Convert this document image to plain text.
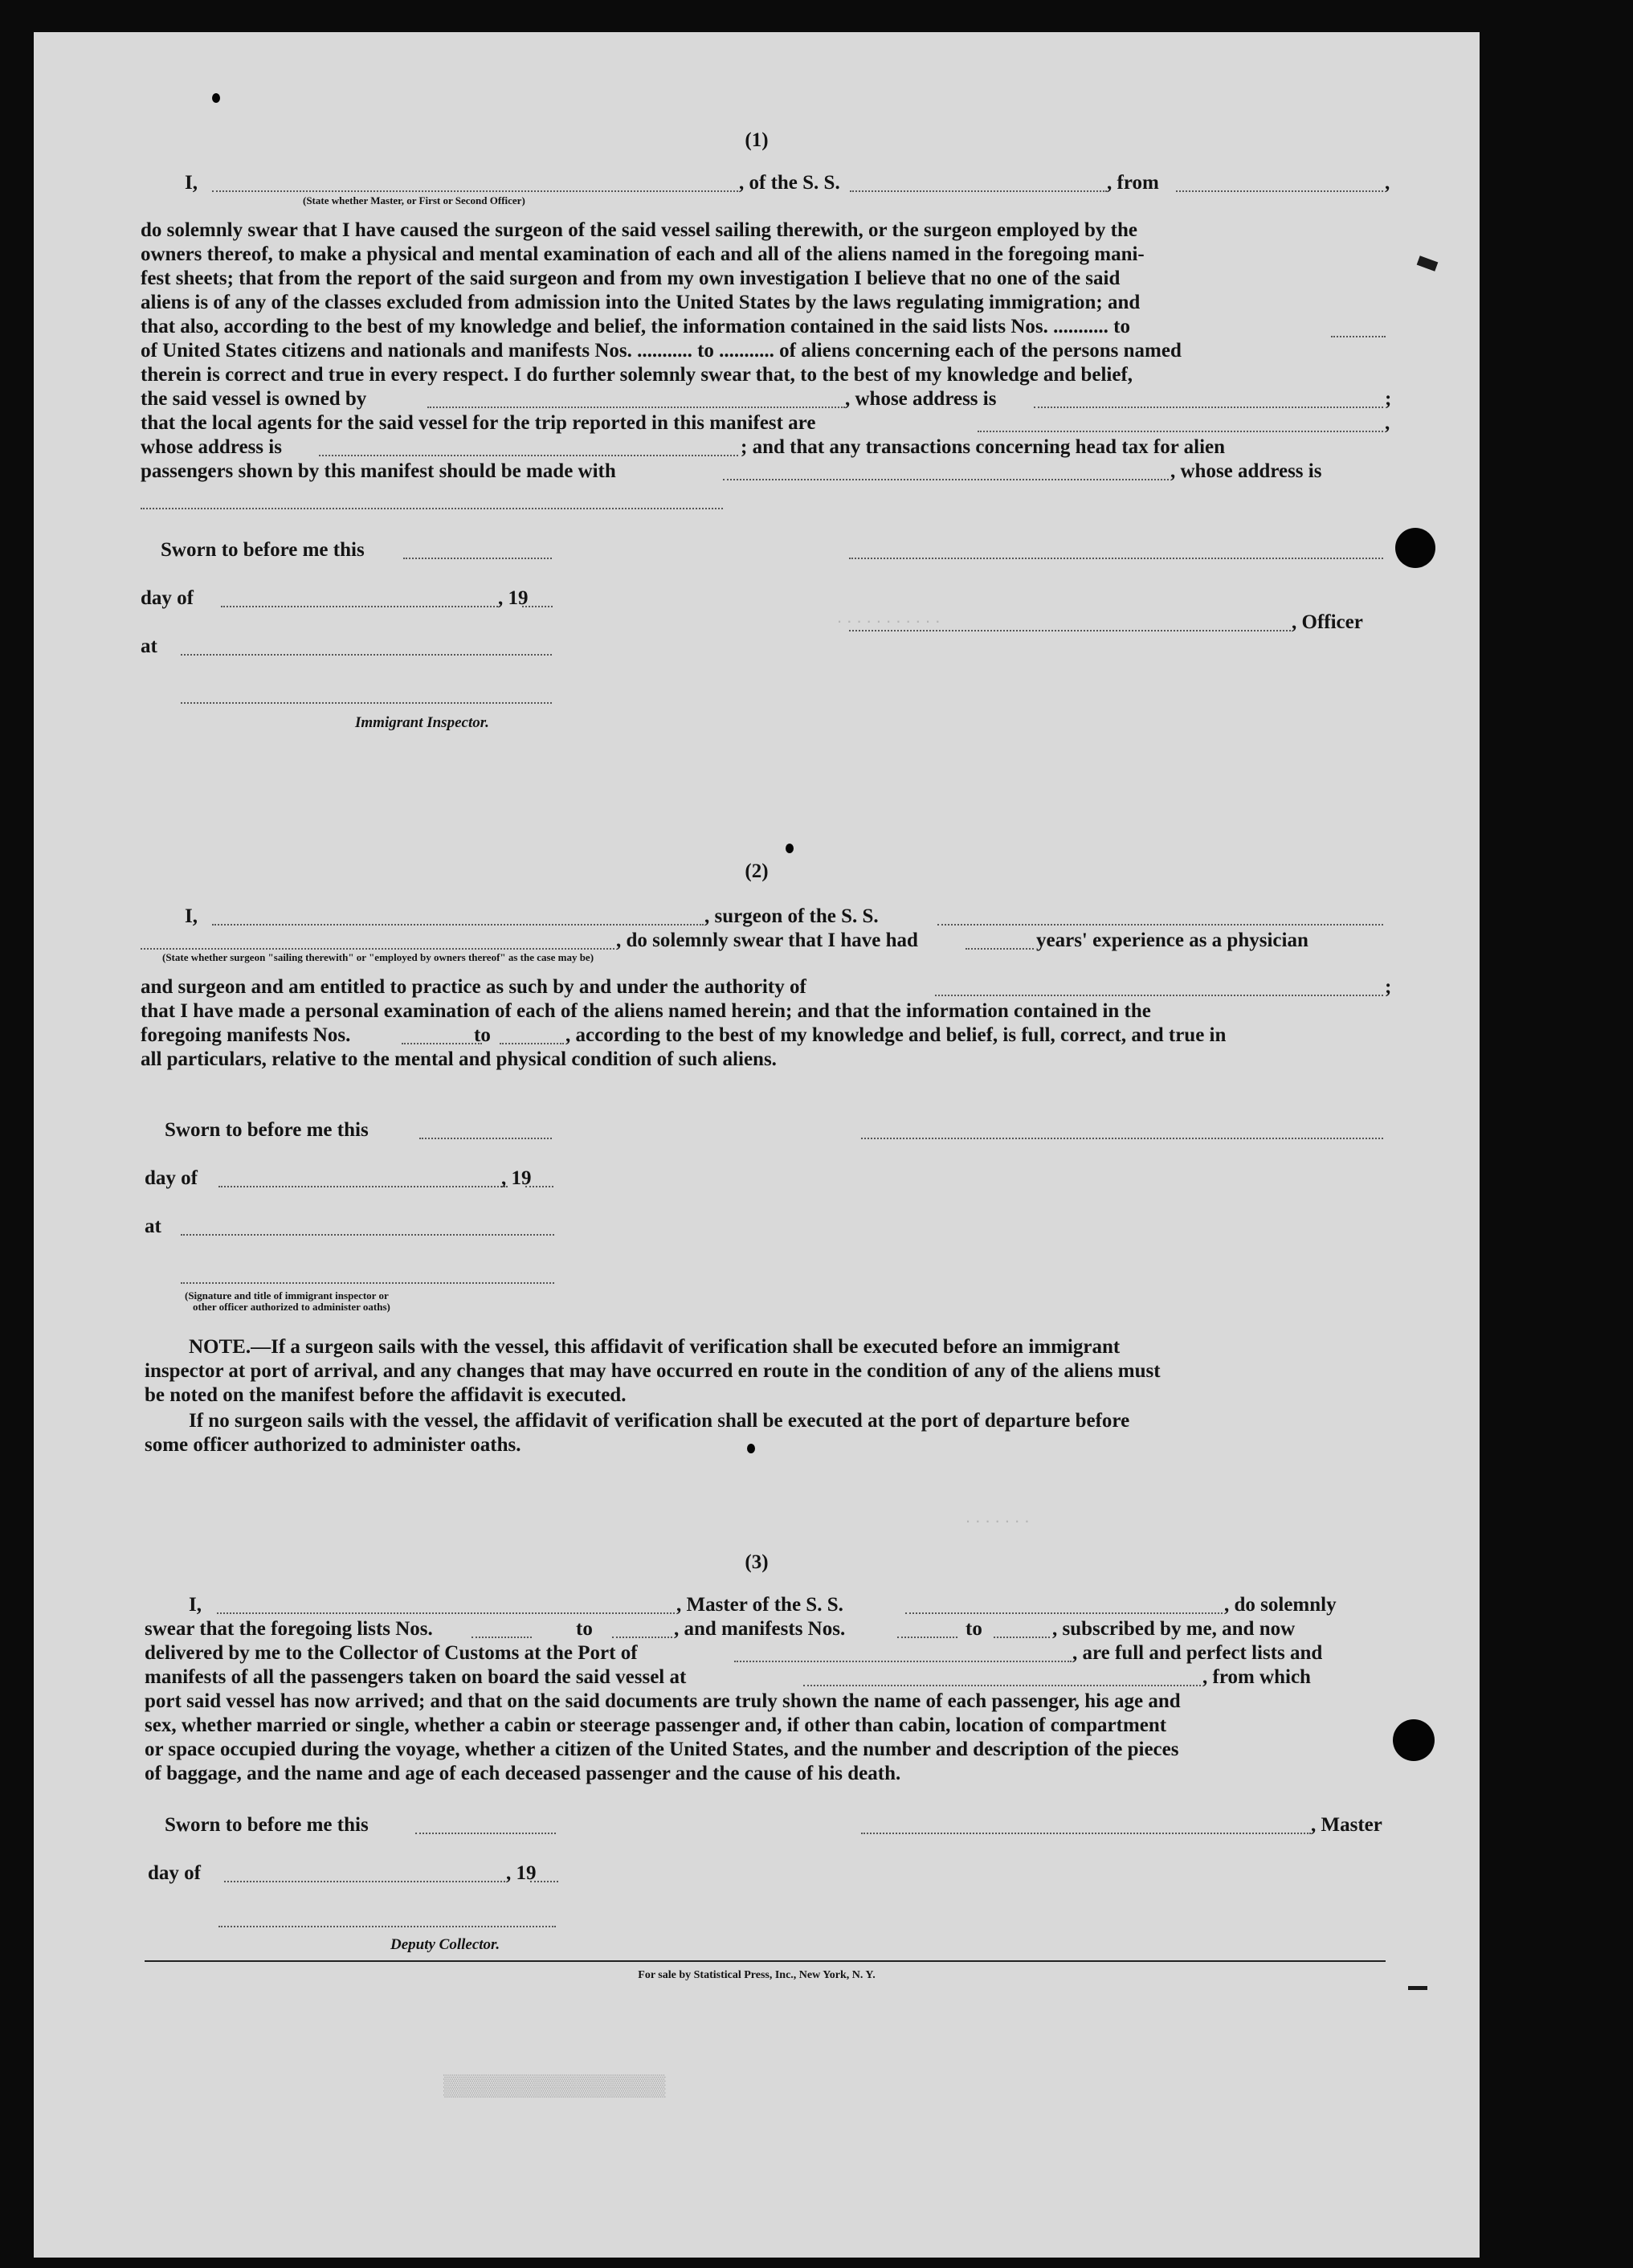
. . . . . . . . . . .
. . . . . . .
(1)
I,
(State whether Master, or First or Second Officer)
, of the S. S.	, from	,
do solemnly swear that I have caused the surgeon of the said vessel sailing therewith, or the surgeon employed by the
owners thereof, to make a physical and mental examination of each and all of the aliens named in the foregoing mani-
fest sheets; that from the report of the said surgeon and from my own investigation I believe that no one of the said
aliens is of any of the classes excluded from admission into the United States by the laws regulating immigration; and
that also, according to the best of my knowledge and belief, the information contained in the said lists Nos. ........... to
of United States citizens and nationals and manifests Nos. ........... to ........... of aliens concerning each of the persons named
therein is correct and true in every respect. I do further solemnly swear that, to the best of my knowledge and belief,
the said vessel is owned by	, whose address is	;
that the local agents for the said vessel for the trip reported in this manifest are	,
whose address is	; and that any transactions concerning head tax for alien
passengers shown by this manifest should be made with	, whose address is
Sworn to before me this
day of	, 19
, Officer
at
Immigrant Inspector.
(2)
I,	, surgeon of the S. S.
, do solemnly swear that I have had	years' experience as a physician
(State whether surgeon "sailing therewith" or "employed by owners thereof" as the case may be)
and surgeon and am entitled to practice as such by and under the authority of	;
that I have made a personal examination of each of the aliens named herein; and that the information contained in the
foregoing manifests Nos.	to	, according to the best of my knowledge and belief, is full, correct, and true in
all particulars, relative to the mental and physical condition of such aliens.
Sworn to before me this
day of	, 19
at
(Signature and title of immigrant inspector or
other officer authorized to administer oaths)
NOTE.—If a surgeon sails with the vessel, this affidavit of verification shall be executed before an immigrant
inspector at port of arrival, and any changes that may have occurred en route in the condition of any of the aliens must
be noted on the manifest before the affidavit is executed.
If no surgeon sails with the vessel, the affidavit of verification shall be executed at the port of departure before
some officer authorized to administer oaths.
(3)
I,	, Master of the S. S.	, do solemnly
swear that the foregoing lists Nos.	to	, and manifests Nos.	to	, subscribed by me, and now
delivered by me to the Collector of Customs at the Port of	, are full and perfect lists and
manifests of all the passengers taken on board the said vessel at	, from which
port said vessel has now arrived; and that on the said documents are truly shown the name of each passenger, his age and
sex, whether married or single, whether a cabin or steerage passenger and, if other than cabin, location of compartment
or space occupied during the voyage, whether a citizen of the United States, and the number and description of the pieces
of baggage, and the name and age of each deceased passenger and the cause of his death.
Sworn to before me this	, Master
day of	, 19
Deputy Collector.
For sale by Statistical Press, Inc., New York, N. Y.
▒▒▒▒▒▒▒▒▒▒▒▒▒▒▒
